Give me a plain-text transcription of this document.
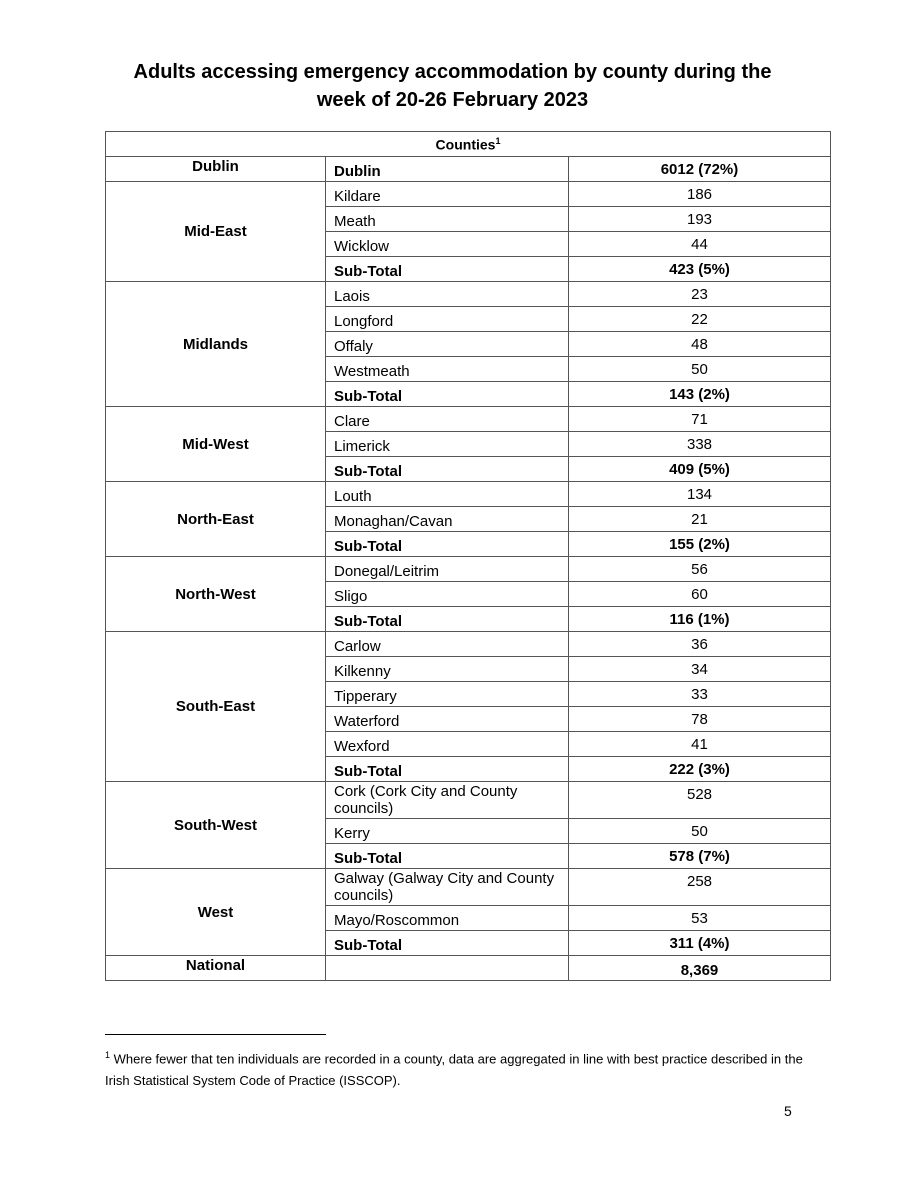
Adults accessing emergency accommodation by county during the
week of 20-26 February 2023
Counties$^1$
Dublin	Dublin	6012 (72%)
Mid-East	Kildare	186
	Meath	193
	Wicklow	44
	Sub-Total	423 (5%)
Midlands	Laois	23
	Longford	22
	Offaly	48
	Westmeath	50
	Sub-Total	143 (2%)
Mid-West	Clare	71
	Limerick	338
	Sub-Total	409 (5%)
North-East	Louth	134
	Monaghan/Cavan	21
	Sub-Total	155 (2%)
North-West	Donegal/Leitrim	56
	Sligo	60
	Sub-Total	116 (1%)
South-East	Carlow	36
	Kilkenny	34
	Tipperary	33
	Waterford	78
	Wexford	41
	Sub-Total	222 (3%)
South-West	Cork (Cork City and County councils)	528
	Kerry	50
	Sub-Total	578 (7%)
West	Galway (Galway City and County councils)	258
	Mayo/Roscommon	53
	Sub-Total	311 (4%)
National		8,369
$^1$ Where fewer that ten individuals are recorded in a county, data are aggregated in line with best practice described in the Irish Statistical System Code of Practice (ISSCOP).
5
